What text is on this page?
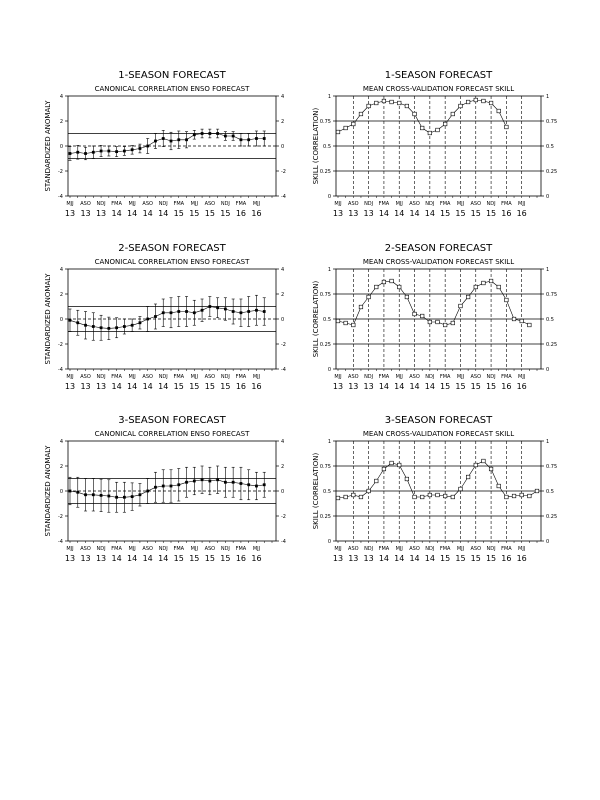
1-SEASON FORECAST
CANONICAL CORRELATION ENSO FORECAST
STANDARDIZED ANOMALY
-4
-2
0
2
4
-4
-2
0
2
4
MJJ
13
ASO
13
NDJ
13
FMA
14
MJJ
14
ASO
14
NDJ
14
FMA
15
MJJ
15
ASO
15
NDJ
15
FMA
16
MJJ
16
1-SEASON FORECAST
MEAN CROSS-VALIDATION FORECAST SKILL
SKILL (CORRELATION)
0
0.25
0.5
0.75
1
0
0.25
0.5
0.75
1
MJJ
13
ASO
13
NDJ
13
FMA
14
MJJ
14
ASO
14
NDJ
14
FMA
15
MJJ
15
ASO
15
NDJ
15
FMA
16
MJJ
16
2-SEASON FORECAST
CANONICAL CORRELATION ENSO FORECAST
STANDARDIZED ANOMALY
-4
-2
0
2
4
-4
-2
0
2
4
MJJ
13
ASO
13
NDJ
13
FMA
14
MJJ
14
ASO
14
NDJ
14
FMA
15
MJJ
15
ASO
15
NDJ
15
FMA
16
MJJ
16
2-SEASON FORECAST
MEAN CROSS-VALIDATION FORECAST SKILL
SKILL (CORRELATION)
0
0.25
0.5
0.75
1
0
0.25
0.5
0.75
1
MJJ
13
ASO
13
NDJ
13
FMA
14
MJJ
14
ASO
14
NDJ
14
FMA
15
MJJ
15
ASO
15
NDJ
15
FMA
16
MJJ
16
3-SEASON FORECAST
CANONICAL CORRELATION ENSO FORECAST
STANDARDIZED ANOMALY
-4
-2
0
2
4
-4
-2
0
2
4
MJJ
13
ASO
13
NDJ
13
FMA
14
MJJ
14
ASO
14
NDJ
14
FMA
15
MJJ
15
ASO
15
NDJ
15
FMA
16
MJJ
16
3-SEASON FORECAST
MEAN CROSS-VALIDATION FORECAST SKILL
SKILL (CORRELATION)
0
0.25
0.5
0.75
1
0
0.25
0.5
0.75
1
MJJ
13
ASO
13
NDJ
13
FMA
14
MJJ
14
ASO
14
NDJ
14
FMA
15
MJJ
15
ASO
15
NDJ
15
FMA
16
MJJ
16
